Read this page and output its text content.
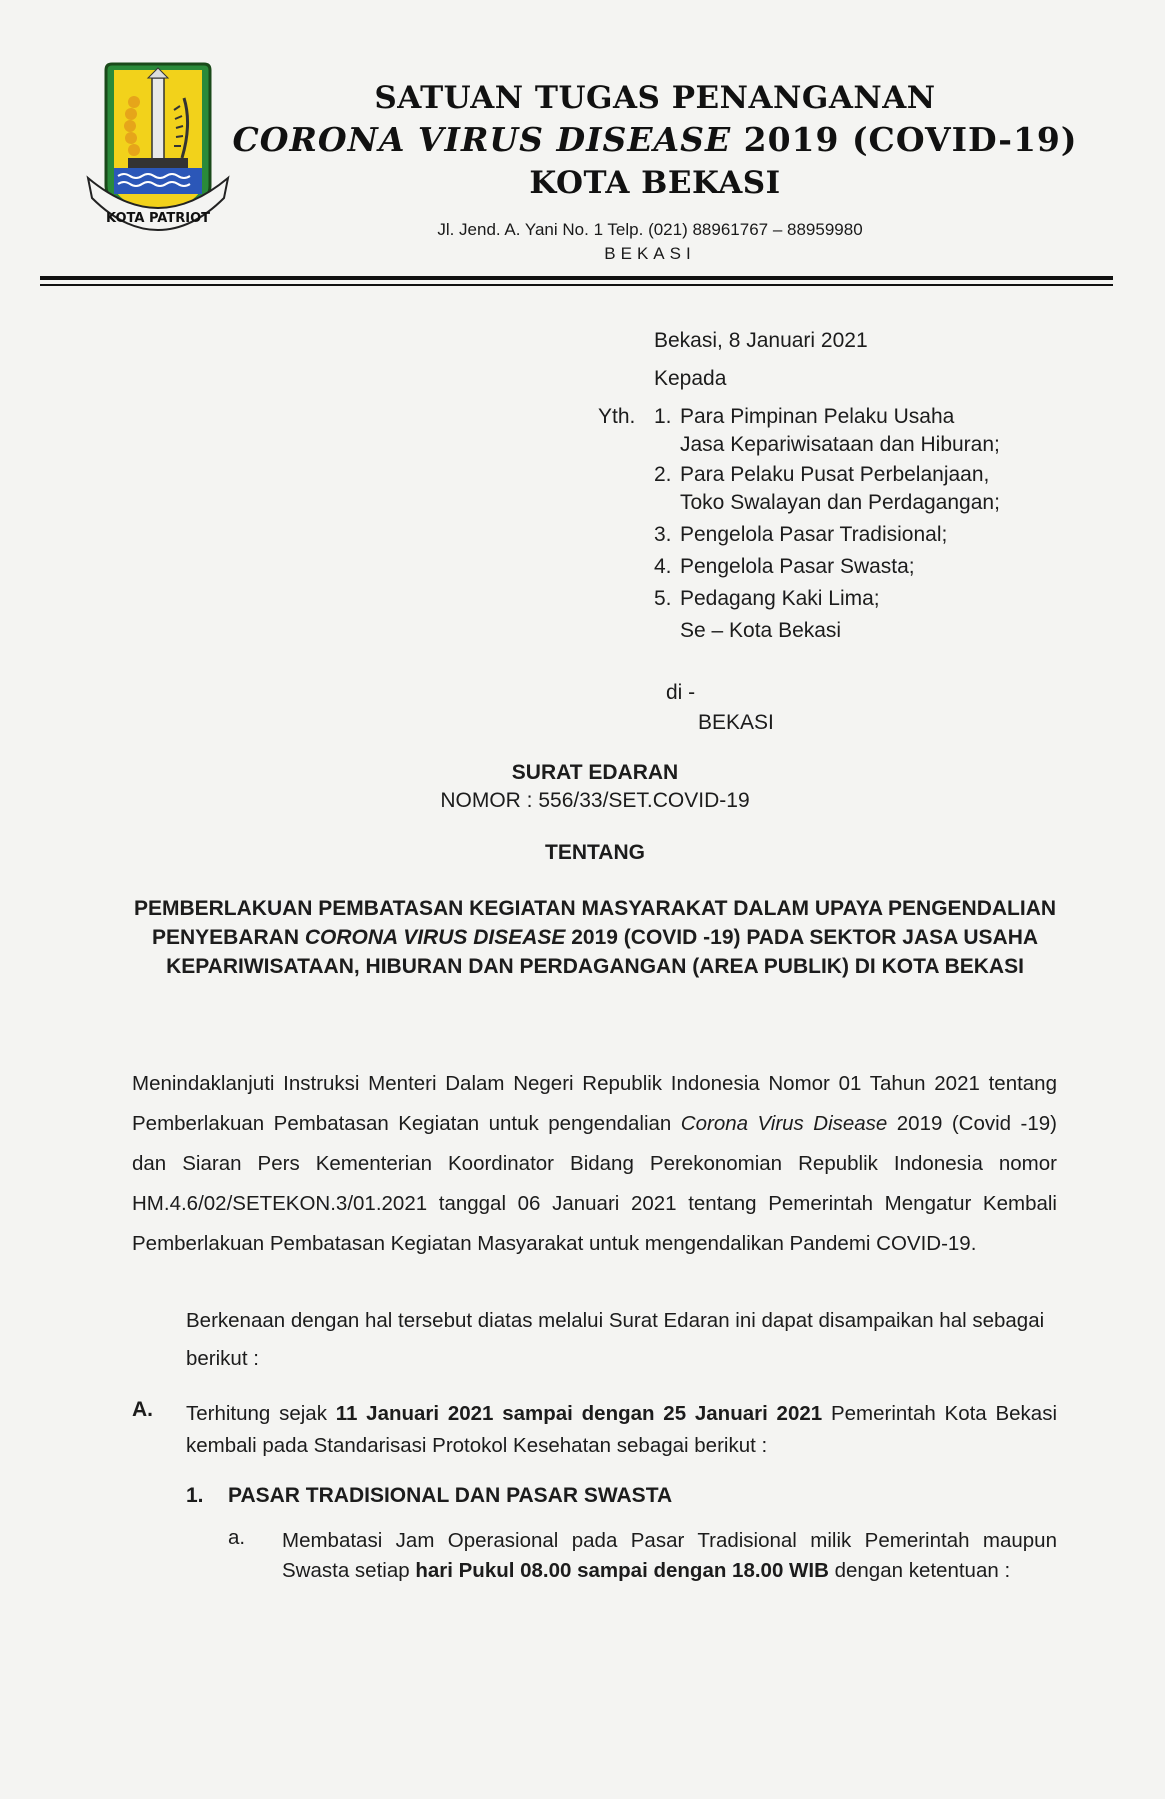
KOTA PATRIOT
SATUAN TUGAS PENANGANAN
CORONA VIRUS DISEASE 2019 (COVID-19)
KOTA BEKASI
Jl. Jend. A. Yani No. 1 Telp. (021) 88961767 – 88959980
BEKASI
Bekasi, 8 Januari 2021
Kepada
Yth. 1. Para Pimpinan Pelaku Usaha
Jasa Kepariwisataan dan Hiburan;
2. Para Pelaku Pusat Perbelanjaan,
Toko Swalayan dan Perdagangan;
3. Pengelola Pasar Tradisional;
4. Pengelola Pasar Swasta;
5. Pedagang Kaki Lima;
Se – Kota Bekasi
di -
BEKASI
SURAT EDARAN
NOMOR : 556/33/SET.COVID-19
TENTANG
PEMBERLAKUAN PEMBATASAN KEGIATAN MASYARAKAT DALAM UPAYA PENGENDALIAN PENYEBARAN CORONA VIRUS DISEASE 2019 (COVID -19) PADA SEKTOR JASA USAHA KEPARIWISATAAN, HIBURAN DAN PERDAGANGAN (AREA PUBLIK) DI KOTA BEKASI
Menindaklanjuti Instruksi Menteri Dalam Negeri Republik Indonesia Nomor 01 Tahun 2021 tentang Pemberlakuan Pembatasan Kegiatan untuk pengendalian Corona Virus Disease 2019 (Covid -19) dan Siaran Pers Kementerian Koordinator Bidang Perekonomian Republik Indonesia nomor HM.4.6/02/SETEKON.3/01.2021 tanggal 06 Januari 2021 tentang Pemerintah Mengatur Kembali Pemberlakuan Pembatasan Kegiatan Masyarakat untuk mengendalikan Pandemi COVID-19.
Berkenaan dengan hal tersebut diatas melalui Surat Edaran ini dapat disampaikan hal sebagai berikut :
A. Terhitung sejak 11 Januari 2021 sampai dengan 25 Januari 2021 Pemerintah Kota Bekasi kembali pada Standarisasi Protokol Kesehatan sebagai berikut :
1. PASAR TRADISIONAL DAN PASAR SWASTA
a. Membatasi Jam Operasional pada Pasar Tradisional milik Pemerintah maupun Swasta setiap hari Pukul 08.00 sampai dengan 18.00 WIB dengan ketentuan :
